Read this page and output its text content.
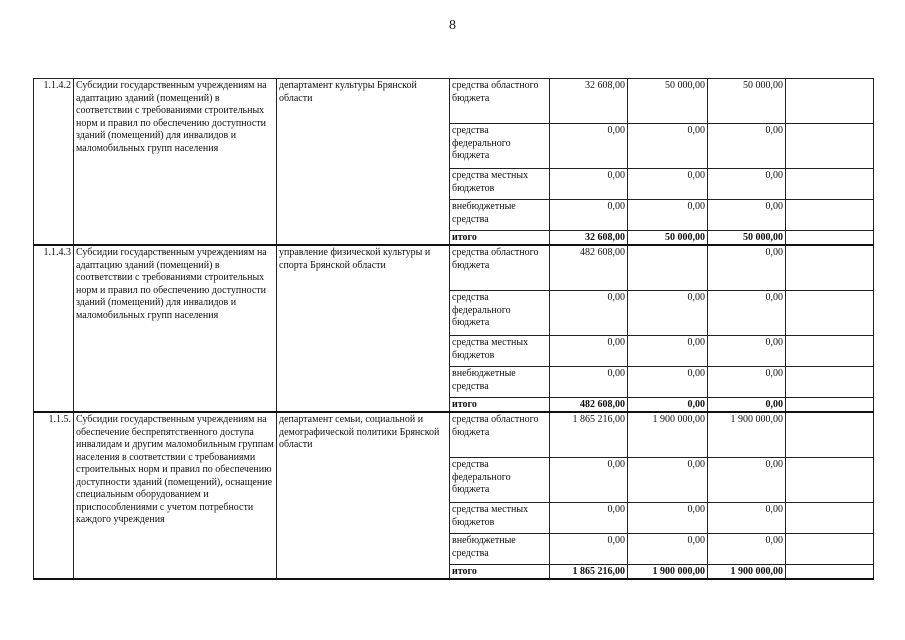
8
1.1.4.2	Субсидии государственным учреждениям на адаптацию зданий (помещений) в соответствии с требованиями строительных норм и правил по обеспечению доступности зданий (помещений) для инвалидов и маломобильных групп населения	департамент культуры Брянской области	средства областного бюджета	32 608,00	50 000,00	50 000,00	
			средства федерального бюджета	0,00	0,00	0,00	
			средства местных бюджетов	0,00	0,00	0,00	
			внебюджетные средства	0,00	0,00	0,00	
			итого	32 608,00	50 000,00	50 000,00	
1.1.4.3	Субсидии государственным учреждениям на адаптацию зданий (помещений) в соответствии с требованиями строительных норм и правил по обеспечению доступности зданий (помещений) для инвалидов и маломобильных групп населения	управление физической культуры и спорта Брянской области	средства областного бюджета	482 608,00		0,00	
			средства федерального бюджета	0,00	0,00	0,00	
			средства местных бюджетов	0,00	0,00	0,00	
			внебюджетные средства	0,00	0,00	0,00	
			итого	482 608,00	0,00	0,00	
1.1.5.	Субсидии государственным учреждениям на обеспечение беспрепятственного доступа инвалидам и другим маломобильным группам населения в соответствии с требованиями строительных норм и правил по обеспечению доступности зданий (помещений), оснащение специальным оборудованием и приспособлениями с учетом потребности каждого учреждения	департамент семьи, социальной и демографической политики Брянской области	средства областного бюджета	1 865 216,00	1 900 000,00	1 900 000,00	
			средства федерального бюджета	0,00	0,00	0,00	
			средства местных бюджетов	0,00	0,00	0,00	
			внебюджетные средства	0,00	0,00	0,00	
			итого	1 865 216,00	1 900 000,00	1 900 000,00	
